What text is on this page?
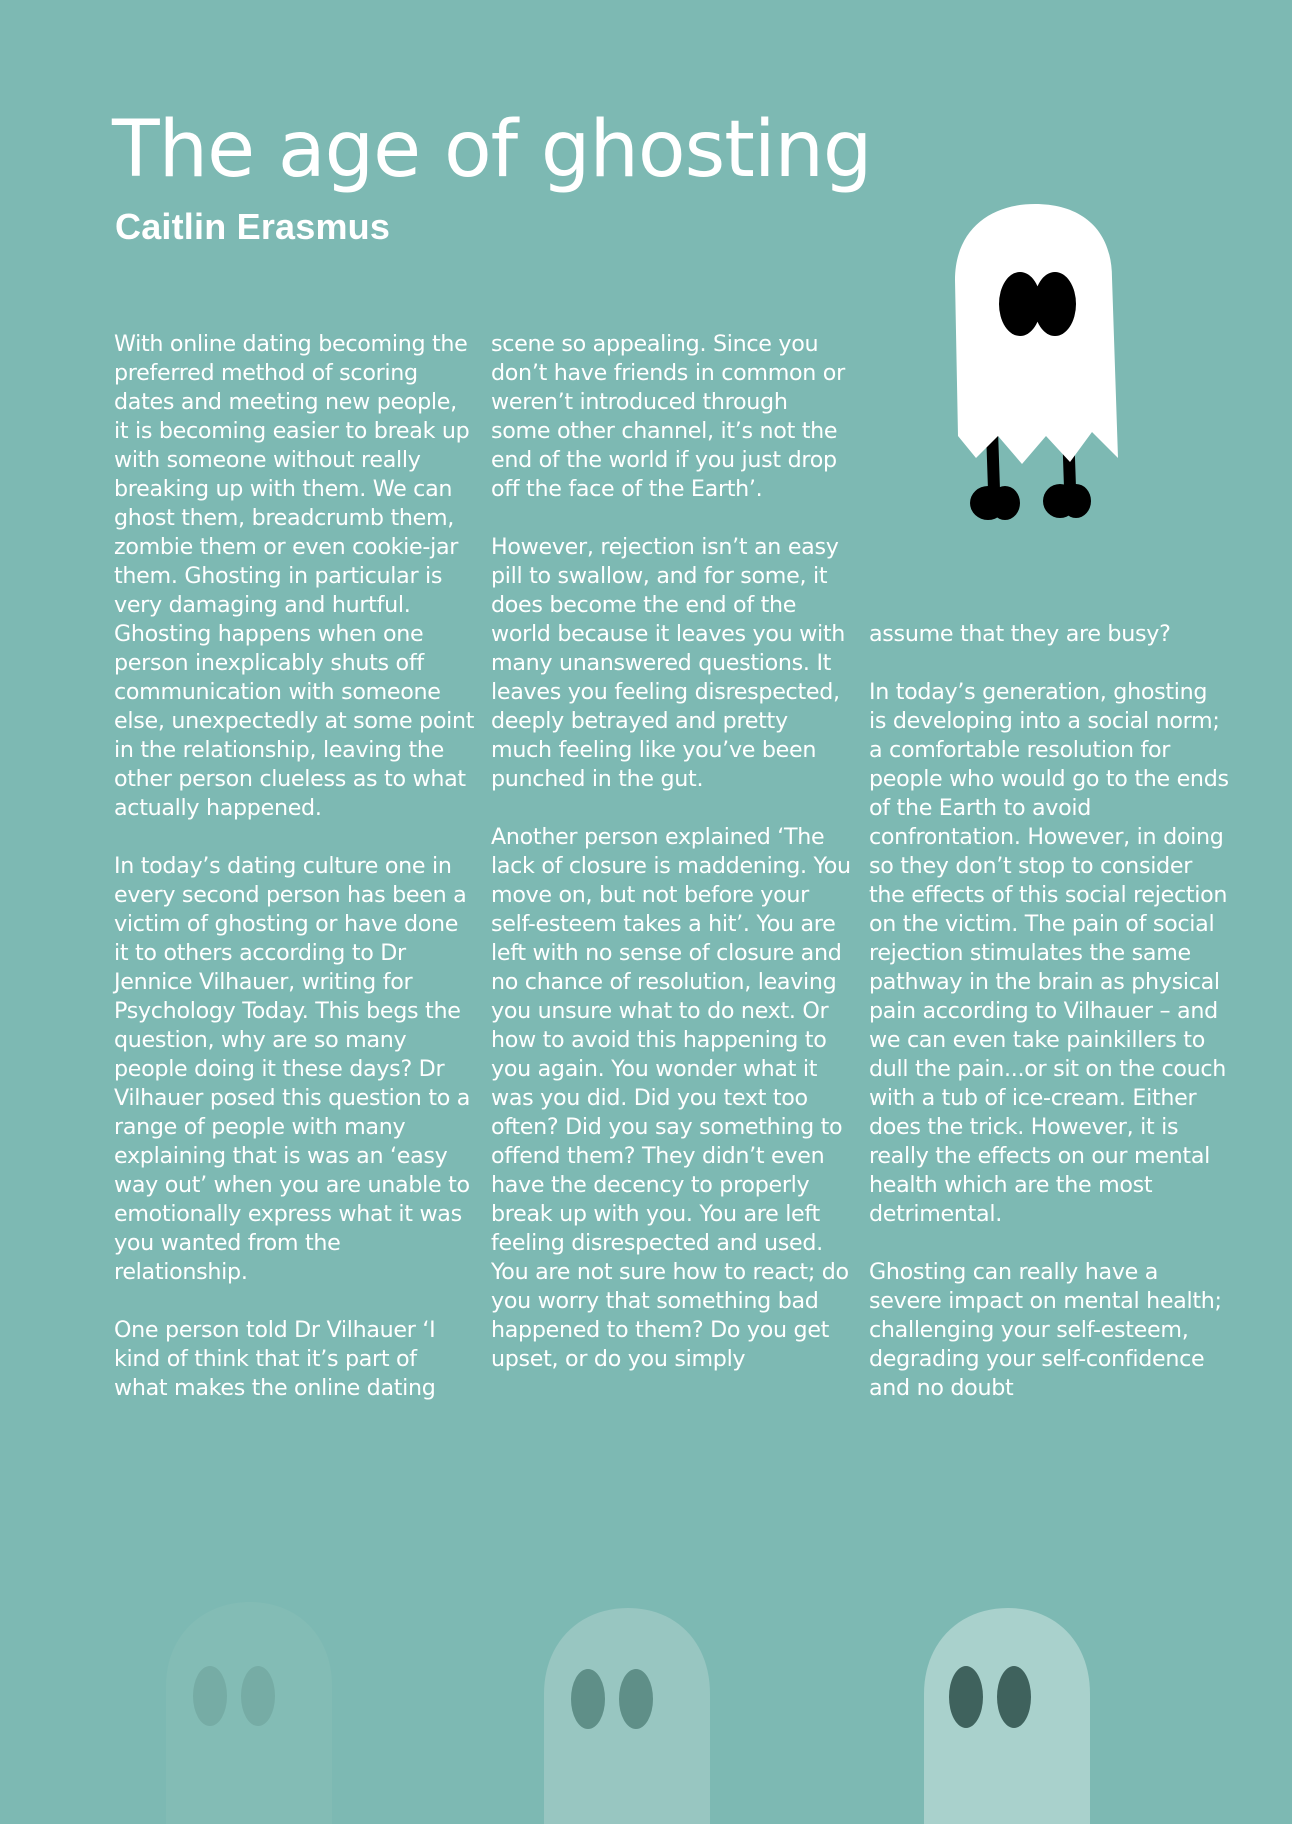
The age of ghosting
Caitlin Erasmus

With online dating becoming the preferred method of scoring dates and meeting new people, it is becoming easier to break up with someone without really breaking up with them. We can ghost them, breadcrumb them, zombie them or even cookie-jar them. Ghosting in particular is very damaging and hurtful. Ghosting happens when one person inexplicably shuts off communication with someone else, unexpectedly at some point in the relationship, leaving the other person clueless as to what actually happened.

In today’s dating culture one in every second person has been a victim of ghosting or have done it to others according to Dr Jennice Vilhauer, writing for Psychology Today. This begs the question, why are so many people doing it these days? Dr Vilhauer posed this question to a range of people with many explaining that is was an ‘easy way out’ when you are unable to emotionally express what it was you wanted from the relationship.

One person told Dr Vilhauer ‘I kind of think that it’s part of what makes the online dating

scene so appealing. Since you don’t have friends in common or weren’t introduced through some other channel, it’s not the end of the world if you just drop off the face of the Earth’.

However, rejection isn’t an easy pill to swallow, and for some, it does become the end of the world because it leaves you with many unanswered questions. It leaves you feeling disrespected, deeply betrayed and pretty much feeling like you’ve been punched in the gut.

Another person explained ‘The lack of closure is maddening. You move on, but not before your self-esteem takes a hit’. You are left with no sense of closure and no chance of resolution, leaving you unsure what to do next. Or how to avoid this happening to you again. You wonder what it was you did. Did you text too often? Did you say something to offend them? They didn’t even have the decency to properly break up with you. You are left feeling disrespected and used. You are not sure how to react; do you worry that something bad happened to them? Do you get upset, or do you simply

assume that they are busy?

In today’s generation, ghosting is developing into a social norm; a comfortable resolution for people who would go to the ends of the Earth to avoid confrontation. However, in doing so they don’t stop to consider the effects of this social rejection on the victim. The pain of social rejection stimulates the same pathway in the brain as physical pain according to Vilhauer – and we can even take painkillers to dull the pain...or sit on the couch with a tub of ice-cream. Either does the trick. However, it is really the effects on our mental health which are the most detrimental.

Ghosting can really have a severe impact on mental health; challenging your self-esteem, degrading your self-confidence and no doubt
